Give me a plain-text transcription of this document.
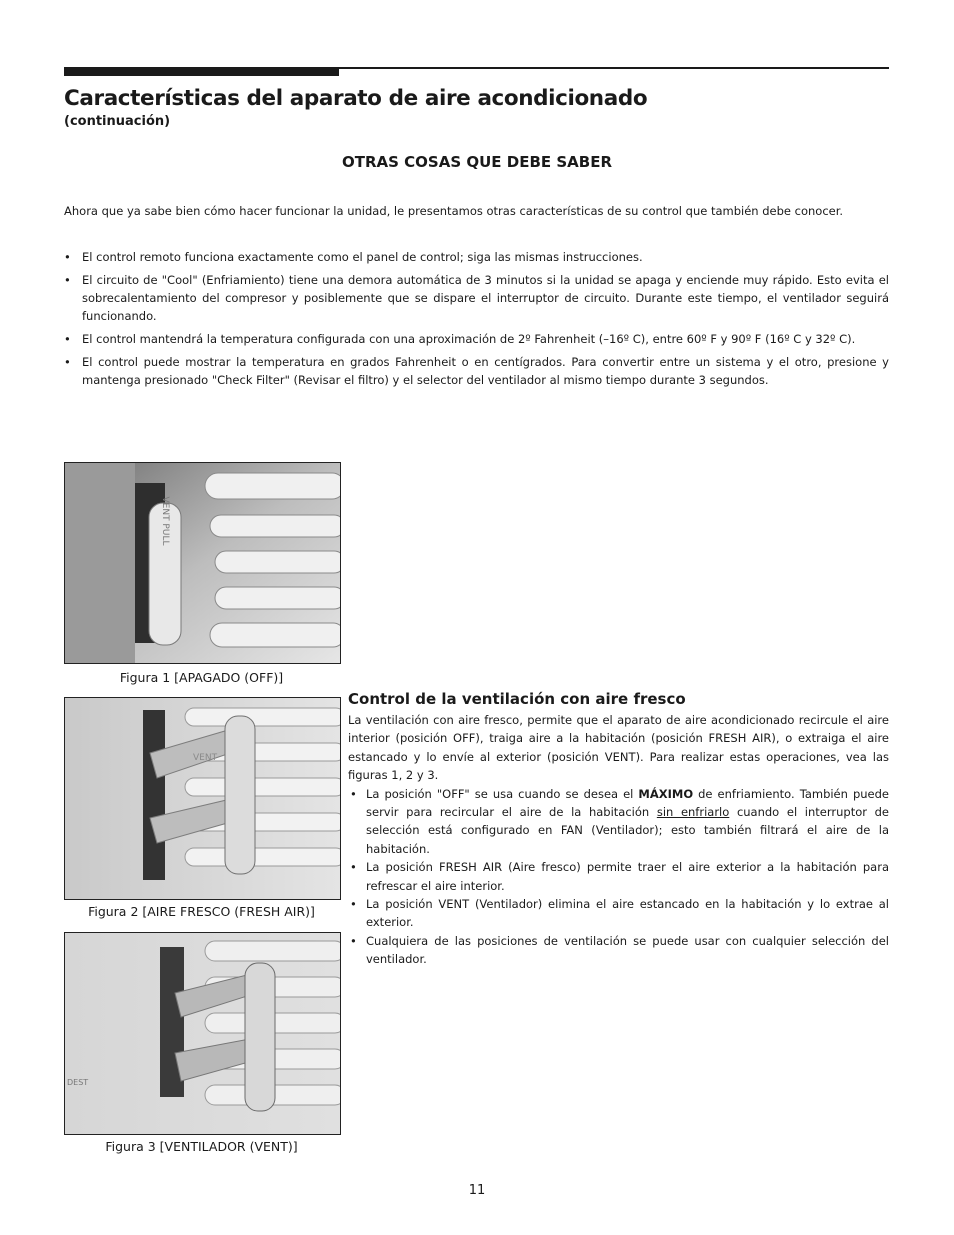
Características del aparato de aire acondicionado
(continuación)
OTRAS COSAS QUE DEBE SABER
Ahora que ya sabe bien cómo hacer funcionar la unidad, le presentamos otras características de su control que también debe conocer.
• El control remoto funciona exactamente como el panel de control; siga las mismas instrucciones.
• El circuito de "Cool" (Enfriamiento) tiene una demora automática de 3 minutos si la unidad se apaga y enciende muy rápido. Esto evita el sobrecalentamiento del compresor y posiblemente que se dispare el interruptor de circuito. Durante este tiempo, el ventilador seguirá funcionando.
• El control mantendrá la temperatura configurada con una aproximación de 2º Fahrenheit (–16º C), entre 60º F y 90º F (16º C y 32º C).
• El control puede mostrar la temperatura en grados Fahrenheit o en centígrados. Para convertir entre un sistema y el otro, presione y mantenga presionado "Check Filter" (Revisar el filtro) y el selector del ventilador al mismo tiempo durante 3 segundos.
VENT PULL
Figura 1 [APAGADO (OFF)]
VENT
Figura 2 [AIRE FRESCO (FRESH AIR)]
DEST
Figura 3 [VENTILADOR (VENT)]
Control de la ventilación con aire fresco

La ventilación con aire fresco, permite que el aparato de aire acondicionado recircule el aire interior (posición OFF), traiga aire a la habitación (posición FRESH AIR), o extraiga el aire estancado y lo envíe al exterior (posición VENT). Para realizar estas operaciones, vea las figuras 1, 2 y 3.

• La posición "OFF" se usa cuando se desea el MÁXIMO de enfriamiento. También puede servir para recircular el aire de la habitación sin enfriarlo cuando el interruptor de selección está configurado en FAN (Ventilador); esto también filtrará el aire de la habitación.
• La posición FRESH AIR (Aire fresco) permite traer el aire exterior a la habitación para refrescar el aire interior.
• La posición VENT (Ventilador) elimina el aire estancado en la habitación y lo extrae al exterior.
• Cualquiera de las posiciones de ventilación se puede usar con cualquier selección del ventilador.
11
